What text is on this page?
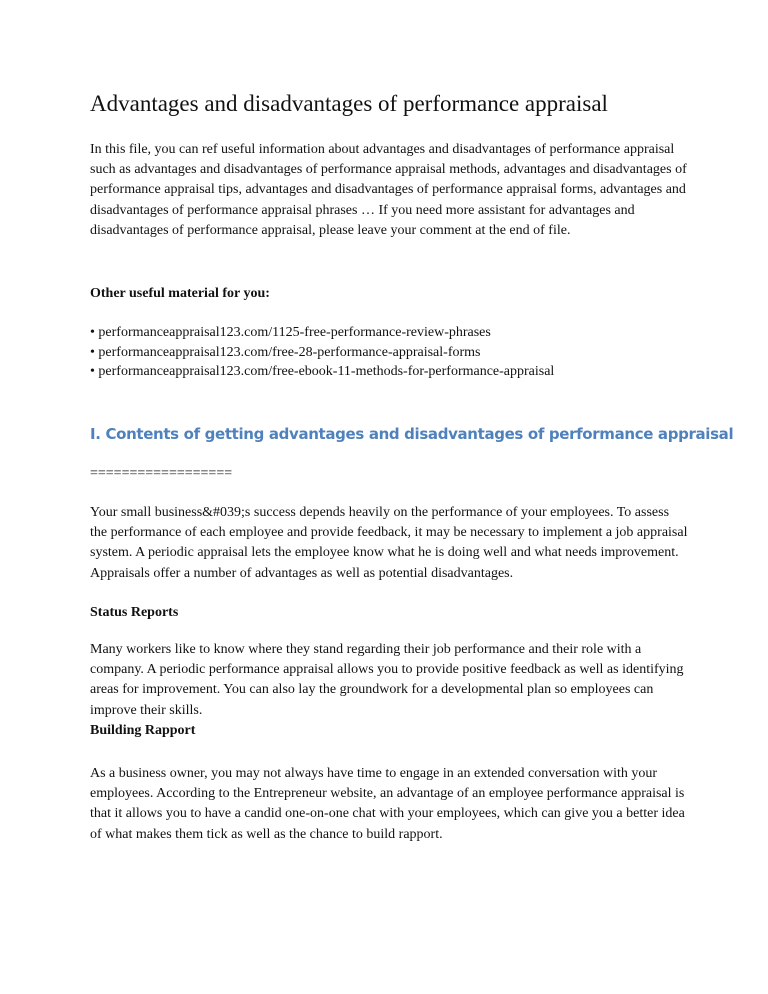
Advantages and disadvantages of performance appraisal

In this file, you can ref useful information about advantages and disadvantages of performance appraisal such as advantages and disadvantages of performance appraisal methods, advantages and disadvantages of performance appraisal tips, advantages and disadvantages of performance appraisal forms, advantages and disadvantages of performance appraisal phrases … If you need more assistant for advantages and disadvantages of performance appraisal, please leave your comment at the end of file.

Other useful material for you:
• performanceappraisal123.com/1125-free-performance-review-phrases
• performanceappraisal123.com/free-28-performance-appraisal-forms
• performanceappraisal123.com/free-ebook-11-methods-for-performance-appraisal
I. Contents of getting advantages and disadvantages of performance appraisal

==================

Your small business&#039;s success depends heavily on the performance of your employees. To assess the performance of each employee and provide feedback, it may be necessary to implement a job appraisal system. A periodic appraisal lets the employee know what he is doing well and what needs improvement. Appraisals offer a number of advantages as well as potential disadvantages.

Status Reports

Many workers like to know where they stand regarding their job performance and their role with a company. A periodic performance appraisal allows you to provide positive feedback as well as identifying areas for improvement. You can also lay the groundwork for a developmental plan so employees can improve their skills.

Building Rapport

As a business owner, you may not always have time to engage in an extended conversation with your employees. According to the Entrepreneur website, an advantage of an employee performance appraisal is that it allows you to have a candid one-on-one chat with your employees, which can give you a better idea of what makes them tick as well as the chance to build rapport.
